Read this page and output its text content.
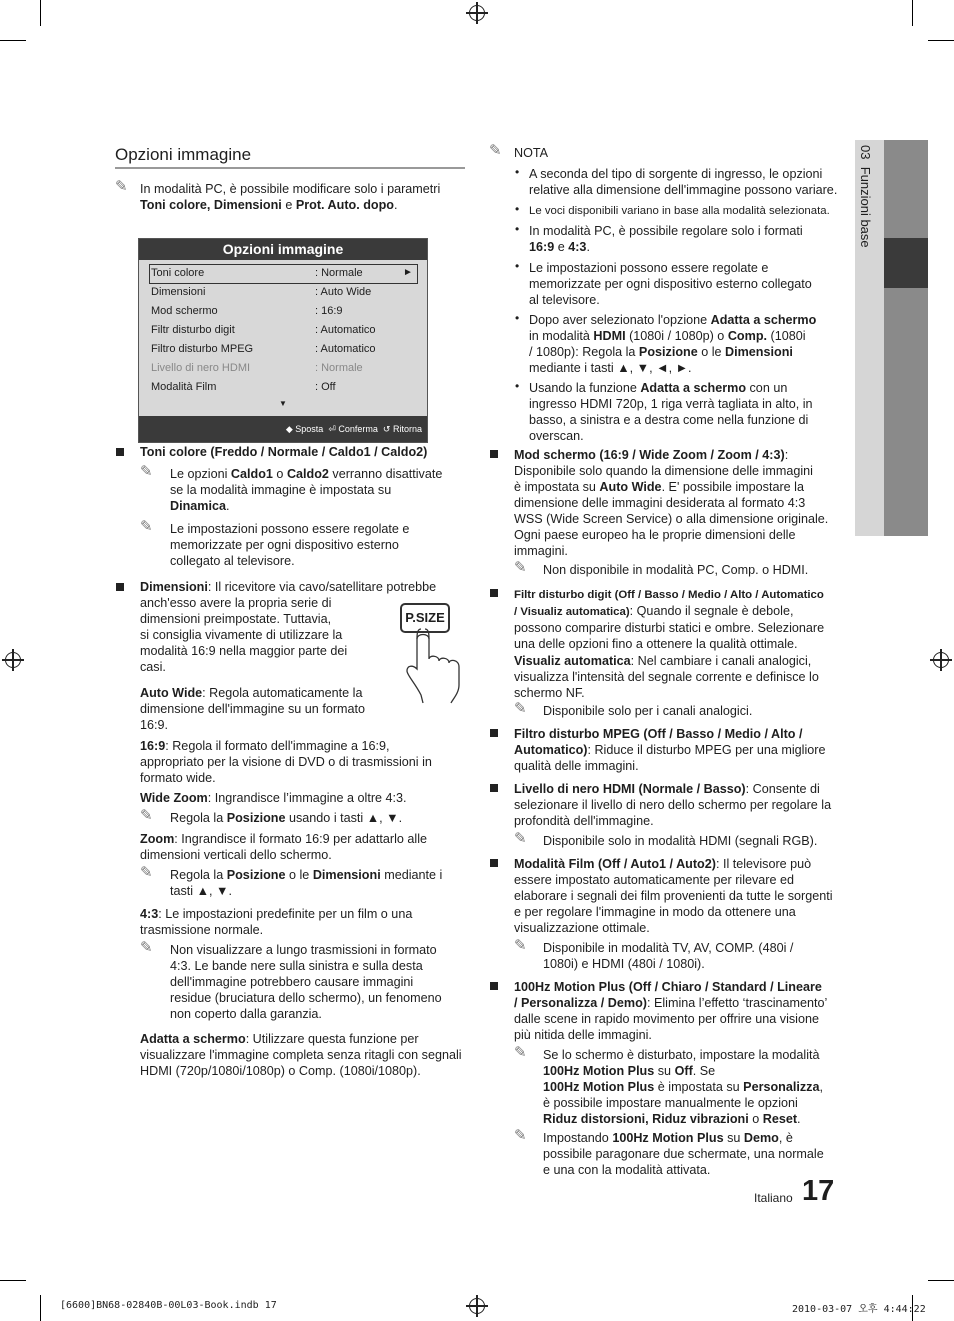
03  Funzioni base
Opzioni immagine
✎ In modalità PC, è possibile modificare solo i parametri
Toni colore, Dimensioni e Prot. Auto. dopo.
Opzioni immagine
Toni colore	: Normale	►
Dimensioni	: Auto Wide
Mod schermo	: 16:9
Filtr disturbo digit	: Automatico
Filtro disturbo MPEG	: Automatico
Livello di nero HDMI	: Normale
Modalità Film	: Off
▼
◆ Sposta ⏎ Conferma ↺ Ritorna
Toni colore (Freddo / Normale / Caldo1 / Caldo2)
✎ Le opzioni Caldo1 o Caldo2 verranno disattivate
se la modalità immagine è impostata su
Dinamica.
✎ Le impostazioni possono essere regolate e
memorizzate per ogni dispositivo esterno
collegato al televisore.
Dimensioni: Il ricevitore via cavo/satellitare potrebbe
anch'esso avere la propria serie di
dimensioni preimpostate. Tuttavia,
si consiglia vivamente di utilizzare la
modalità 16:9 nella maggior parte dei
casi.
P.SIZE
Auto Wide: Regola automaticamente la
dimensione dell'immagine su un formato
16:9.
16:9: Regola il formato dell'immagine a 16:9,
appropriato per la visione di DVD o di trasmissioni in
formato wide.
Wide Zoom: Ingrandisce l’immagine a oltre 4:3.
✎ Regola la Posizione usando i tasti ▲, ▼.
Zoom: Ingrandisce il formato 16:9 per adattarlo alle
dimensioni verticali dello schermo.
✎ Regola la Posizione o le Dimensioni mediante i
tasti ▲, ▼.
4:3: Le impostazioni predefinite per un film o una
trasmissione normale.
✎ Non visualizzare a lungo trasmissioni in formato
4:3. Le bande nere sulla sinistra e sulla desta
dell'immagine potrebbero causare immagini
residue (bruciatura dello schermo), un fenomeno
non coperto dalla garanzia.
Adatta a schermo: Utilizzare questa funzione per
visualizzare l'immagine completa senza ritagli con segnali
HDMI (720p/1080i/1080p) o Comp. (1080i/1080p).
✎ NOTA
• A seconda del tipo di sorgente di ingresso, le opzioni
relative alla dimensione dell'immagine possono variare.
• Le voci disponibili variano in base alla modalità selezionata.
• In modalità PC, è possibile regolare solo i formati
16:9 e 4:3.
• Le impostazioni possono essere regolate e
memorizzate per ogni dispositivo esterno collegato
al televisore.
• Dopo aver selezionato l'opzione Adatta a schermo
in modalità HDMI (1080i / 1080p) o Comp. (1080i
/ 1080p): Regola la Posizione o le Dimensioni
mediante i tasti ▲, ▼, ◄, ►.
• Usando la funzione Adatta a schermo con un
ingresso HDMI 720p, 1 riga verrà tagliata in alto, in
basso, a sinistra e a destra come nella funzione di
overscan.
Mod schermo (16:9 / Wide Zoom / Zoom / 4:3):
Disponibile solo quando la dimensione delle immagini
è impostata su Auto Wide. E' possibile impostare la
dimensione delle immagini desiderata al formato 4:3
WSS (Wide Screen Service) o alla dimensione originale.
Ogni paese europeo ha le proprie dimensioni delle
immagini.
✎ Non disponibile in modalità PC, Comp. o HDMI.
Filtr disturbo digit (Off / Basso / Medio / Alto / Automatico
/ Visualiz automatica): Quando il segnale è debole,
possono comparire disturbi statici e ombre. Selezionare
una delle opzioni fino a ottenere la qualità ottimale.
Visualiz automatica: Nel cambiare i canali analogici,
visualizza l'intensità del segnale corrente e definisce lo
schermo NF.
✎ Disponibile solo per i canali analogici.
Filtro disturbo MPEG (Off / Basso / Medio / Alto /
Automatico): Riduce il disturbo MPEG per una migliore
qualità delle immagini.
Livello di nero HDMI (Normale / Basso): Consente di
selezionare il livello di nero dello schermo per regolare la
profondità dell'immagine.
✎ Disponibile solo in modalità HDMI (segnali RGB).
Modalità Film (Off / Auto1 / Auto2): Il televisore può
essere impostato automaticamente per rilevare ed
elaborare i segnali dei film provenienti da tutte le sorgenti
e per regolare l'immagine in modo da ottenere una
visualizzazione ottimale.
✎ Disponibile in modalità TV, AV, COMP. (480i /
1080i) e HDMI (480i / 1080i).
100Hz Motion Plus (Off / Chiaro / Standard / Lineare
/ Personalizza / Demo): Elimina l’effetto ‘trascinamento’
dalle scene in rapido movimento per offrire una visione
più nitida delle immagini.
✎ Se lo schermo è disturbato, impostare la modalità
100Hz Motion Plus su Off. Se
100Hz Motion Plus è impostata su Personalizza,
è possibile impostare manualmente le opzioni
Riduz distorsioni, Riduz vibrazioni o Reset.
✎ Impostando 100Hz Motion Plus su Demo, è
possibile paragonare due schermate, una normale
e una con la modalità attivata.
Italiano 17
[6600]BN68-02840B-00L03-Book.indb 17	2010-03-07 오후 4:44:22
